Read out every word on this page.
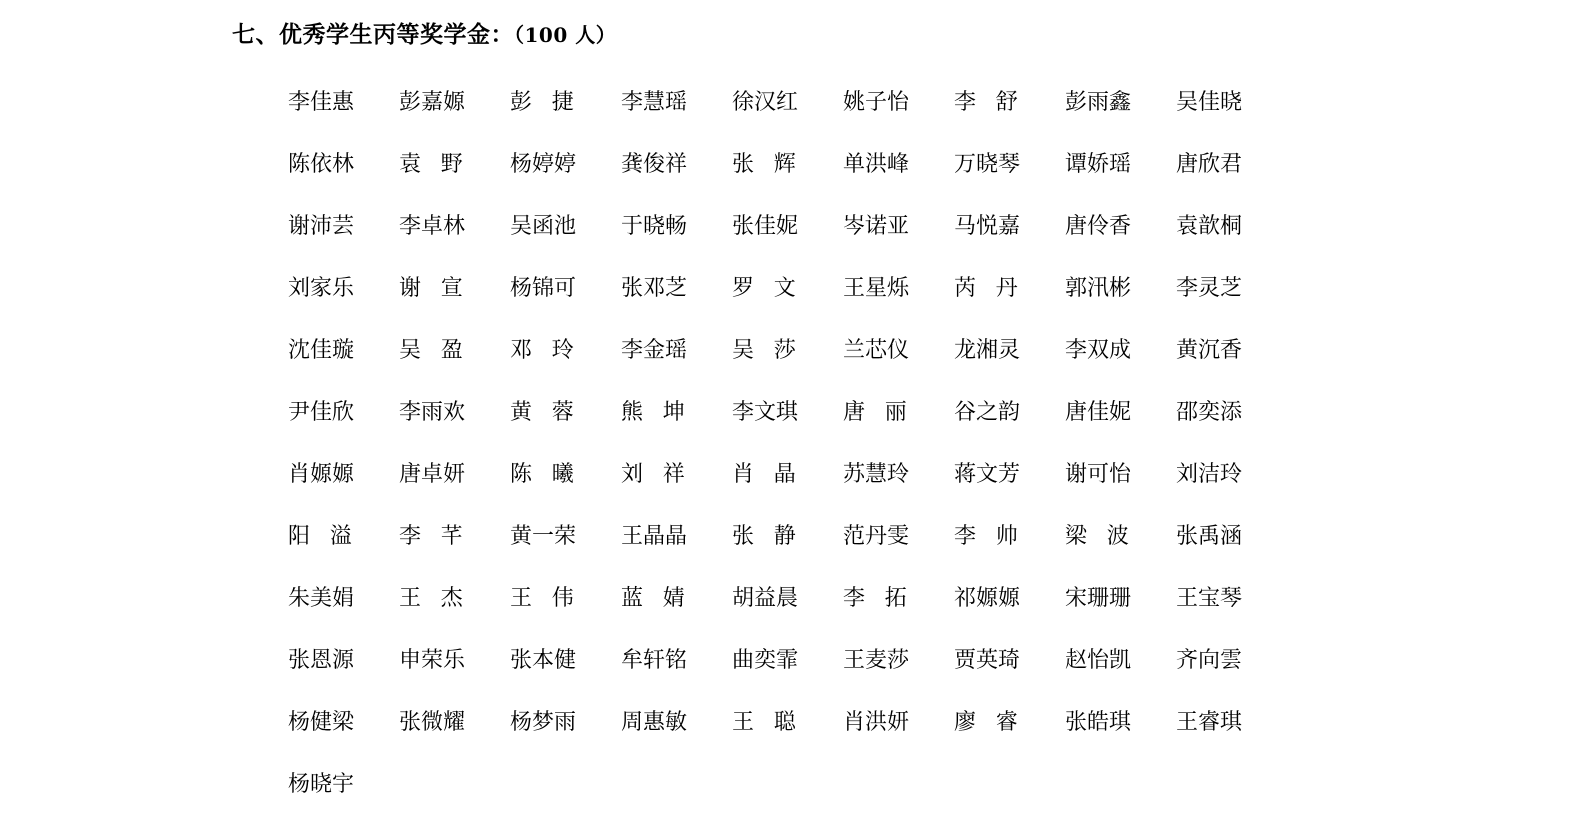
七、优秀学生丙等奖学金：（100 人）
李佳惠	彭嘉嫄	彭捷	李慧瑶	徐汉红	姚子怡	李舒	彭雨鑫	吴佳晓
陈依林	袁野	杨婷婷	龚俊祥	张辉	单洪峰	万晓琴	谭娇瑶	唐欣君
谢沛芸	李卓林	吴函池	于晓畅	张佳妮	岑诺亚	马悦嘉	唐伶香	袁歆桐
刘家乐	谢宣	杨锦可	张邓芝	罗文	王星烁	芮丹	郭汛彬	李灵芝
沈佳璇	吴盈	邓玲	李金瑶	吴莎	兰芯仪	龙湘灵	李双成	黄沉香
尹佳欣	李雨欢	黄蓉	熊坤	李文琪	唐丽	谷之韵	唐佳妮	邵奕添
肖嫄嫄	唐卓妍	陈曦	刘祥	肖晶	苏慧玲	蒋文芳	谢可怡	刘洁玲
阳溢	李芊	黄一荣	王晶晶	张静	范丹雯	李帅	梁波	张禹涵
朱美娟	王杰	王伟	蓝婧	胡益晨	李拓	祁嫄嫄	宋珊珊	王宝琴
张恩源	申荣乐	张本健	牟轩铭	曲奕霏	王麦莎	贾英琦	赵怡凯	齐向雲
杨健梁	张微耀	杨梦雨	周惠敏	王聪	肖洪妍	廖睿	张皓琪	王睿琪
杨晓宇
